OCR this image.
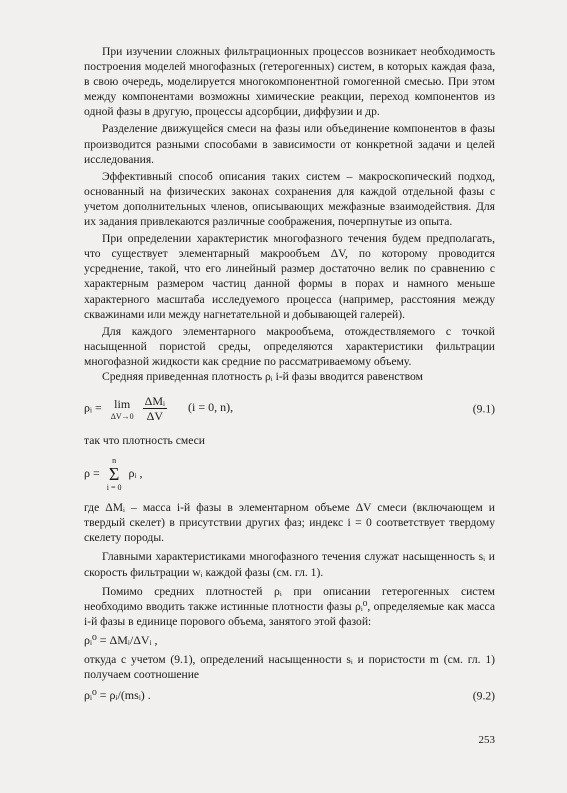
При изучении сложных фильтрационных процессов возникает необходимость построения моделей многофазных (гетерогенных) систем, в которых каждая фаза, в свою очередь, моделируется многокомпонентной гомогенной смесью. При этом между компонентами возможны химические реакции, переход компонентов из одной фазы в другую, процессы адсорбции, диффузии и др.

Разделение движущейся смеси на фазы или объединение компонентов в фазы производится разными способами в зависимости от конкретной задачи и целей исследования.

Эффективный способ описания таких систем – макроскопический подход, основанный на физических законах сохранения для каждой отдельной фазы с учетом дополнительных членов, описывающих межфазные взаимодействия. Для их задания привлекаются различные соображения, почерпнутые из опыта.

При определении характеристик многофазного течения будем предполагать, что существует элементарный макрообъем ΔV, по которому проводится усреднение, такой, что его линейный размер достаточно велик по сравнению с характерным размером частиц данной формы в порах и намного меньше характерного масштаба исследуемого процесса (например, расстояния между скважинами или между нагнетательной и добывающей галерей).

Для каждого элементарного макрообъема, отождествляемого с точкой насыщенной пористой среды, определяются характеристики фильтрации многофазной жидкости как средние по рассматриваемому объему.

Средняя приведенная плотность ρᵢ i-й фазы вводится равенством

ρᵢ = lim
ΔV→0
$\frac{\text{ΔMᵢ}}{\Delta V} (i = 0$, n),	(9.1)

так что плотность смеси

ρ =
n
Σ
i = 0
ρᵢ ,

где ΔMᵢ – масса i-й фазы в элементарном объеме ΔV смеси (включающем и твердый скелет) в присутствии других фаз; индекс i = 0 соответствует твердому скелету породы.

Главными характеристиками многофазного течения служат насыщенность sᵢ и скорость фильтрации wᵢ каждой фазы (см. гл. 1).

Помимо средних плотностей ρᵢ при описании гетерогенных систем необходимо вводить также истинные плотности фазы ρᵢ⁰, определяемые как масса i-й фазы в единице порового объема, занятого этой фазой:

ρᵢ⁰ = ΔMᵢ/ΔVᵢ ,

откуда с учетом (9.1), определений насыщенности sᵢ и пористости m (см. гл. 1) получаем соотношение

ρᵢ⁰ = ρᵢ/(msᵢ) .	(9.2)
253
